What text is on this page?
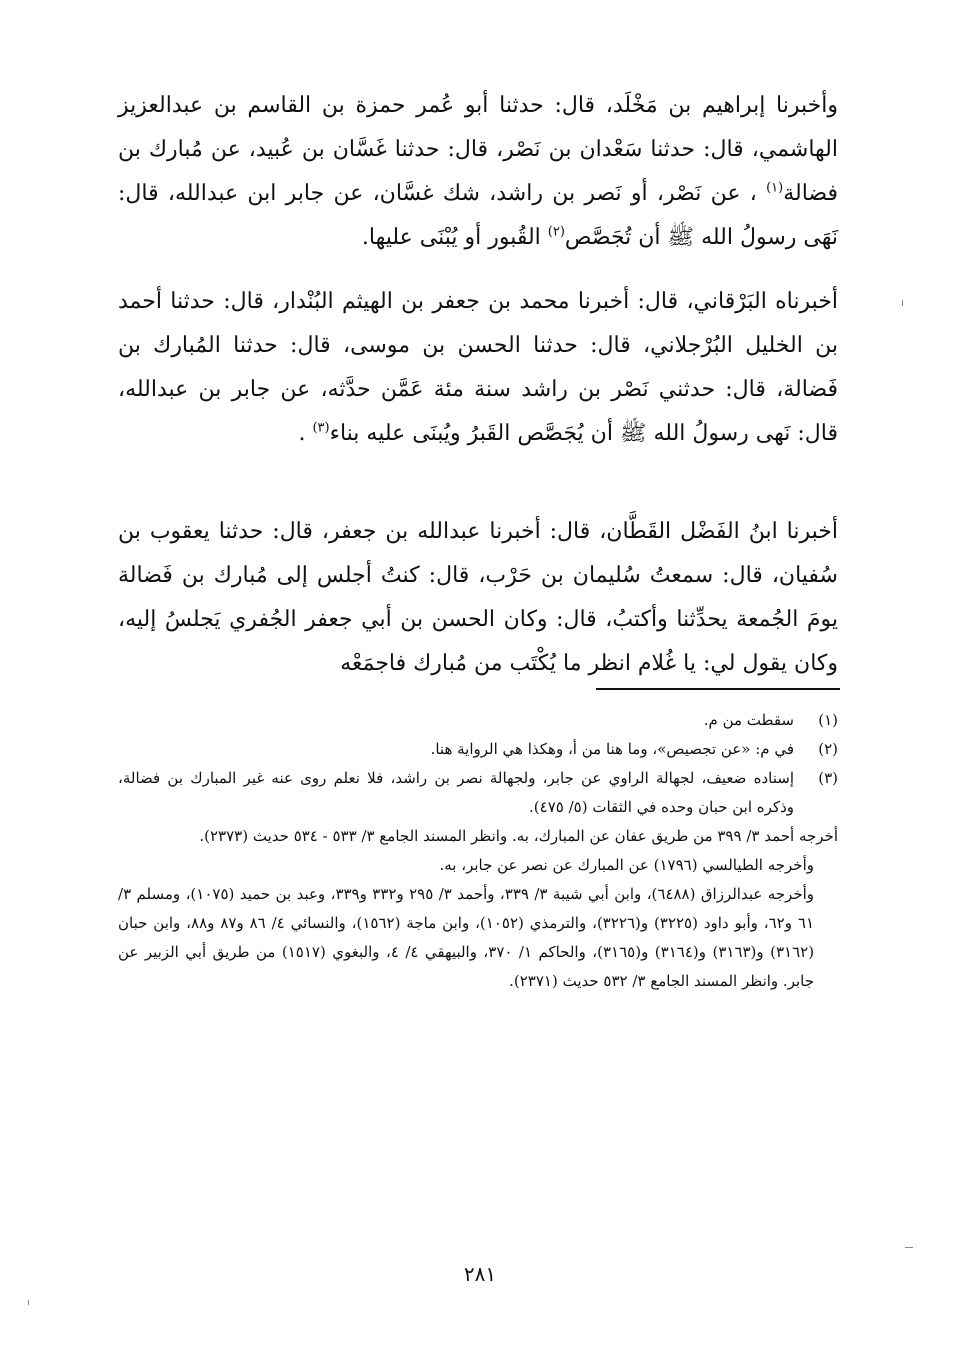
وأخبرنا إبراهيم بن مَخْلَد، قال: حدثنا أبو عُمر حمزة بن القاسم بن عبدالعزيز الهاشمي، قال: حدثنا سَعْدان بن نَصْر، قال: حدثنا غَسَّان بن عُبيد، عن مُبارك بن فضالة$^{(١)}$ ، عن نَصْر، أو نَصر بن راشد، شك غسَّان، عن جابر ابن عبدالله، قال: نَهَى رسولُ الله ﷺ أن تُجَصَّص$^{(٢)}$ القُبور أو يُبْنَى عليها.

أخبرناه البَرْقاني، قال: أخبرنا محمد بن جعفر بن الهيثم البُنْدار، قال: حدثنا أحمد بن الخليل البُرْجلاني، قال: حدثنا الحسن بن موسى، قال: حدثنا المُبارك بن فَضالة، قال: حدثني نَصْر بن راشد سنة مئة عَمَّن حدَّثه، عن جابر بن عبدالله، قال: نَهى رسولُ الله ﷺ أن يُجَصَّص القَبرُ ويُبنَى عليه بناء$^{(٣)}$ .

أخبرنا ابنُ الفَضْل القَطَّان، قال: أخبرنا عبدالله بن جعفر، قال: حدثنا يعقوب بن سُفيان، قال: سمعتُ سُليمان بن حَرْب، قال: كنتُ أجلس إلى مُبارك بن فَضالة يومَ الجُمعة يحدِّثنا وأكتبُ، قال: وكان الحسن بن أبي جعفر الجُفري يَجلسُ إليه، وكان يقول لي: يا غُلام انظر ما يُكْتَب من مُبارك فاجمَعْه

(١)

سقطت من م.

(٢)

في م: «عن تجصيص»، وما هنا من أ، وهكذا هي الرواية هنا.

(٣)

إسناده ضعيف، لجهالة الراوي عن جابر، ولجهالة نصر بن راشد، فلا نعلم روى عنه غير المبارك بن فضالة، وذكره ابن حبان وحده في الثقات (٥/ ٤٧٥).

أخرجه أحمد ٣/ ٣٩٩ من طريق عفان عن المبارك، به. وانظر المسند الجامع ٣/ ٥٣٣ - ٥٣٤ حديث (٢٣٧٣).

وأخرجه الطيالسي (١٧٩٦) عن المبارك عن نصر عن جابر، به.

وأخرجه عبدالرزاق (٦٤٨٨)، وابن أبي شيبة ٣/ ٣٣٩، وأحمد ٣/ ٢٩٥ و٣٣٢ و٣٣٩، وعبد بن حميد (١٠٧٥)، ومسلم ٣/ ٦١ و٦٢، وأبو داود (٣٢٢٥) و(٣٢٢٦)، والترمذي (١٠٥٢)، وابن ماجة (١٥٦٢)، والنسائي ٤/ ٨٦ و٨٧ و٨٨، وابن حبان (٣١٦٢) و(٣١٦٣) و(٣١٦٤) و(٣١٦٥)، والحاكم ١/ ٣٧٠، والبيهقي ٤/ ٤، والبغوي (١٥١٧) من طريق أبي الزبير عن جابر. وانظر المسند الجامع ٣/ ٥٣٢ حديث (٢٣٧١).

٢٨١
